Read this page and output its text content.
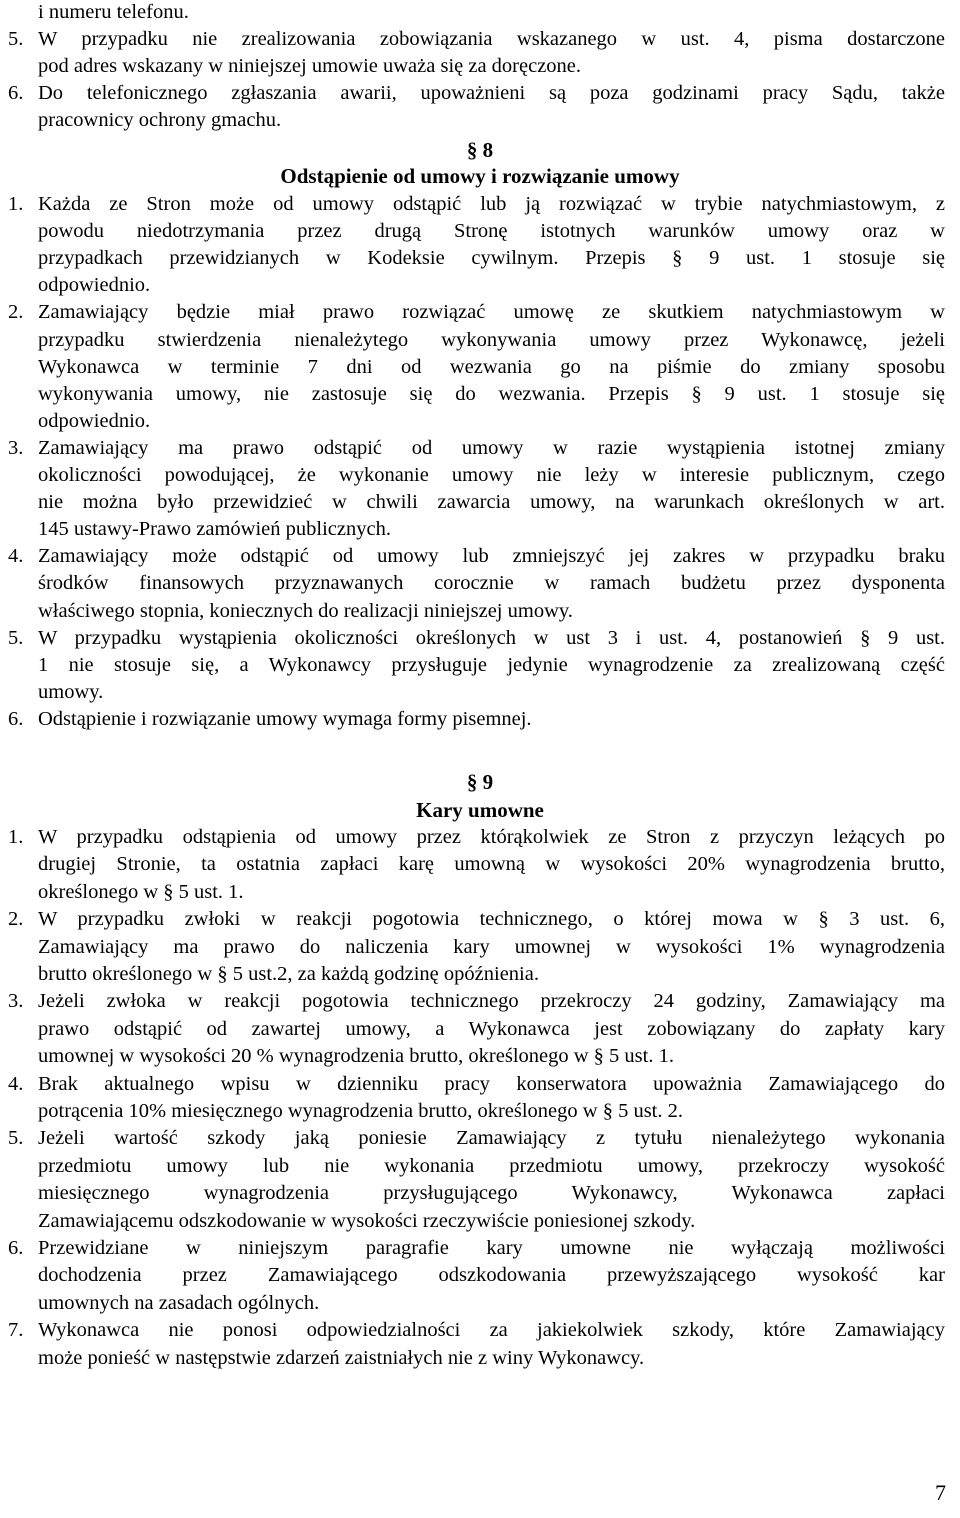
i numeru telefonu.
5. W przypadku nie zrealizowania zobowiązania wskazanego w ust. 4, pisma dostarczone
pod adres wskazany w niniejszej umowie uważa się za doręczone.
6. Do telefonicznego zgłaszania awarii, upoważnieni są poza godzinami pracy Sądu, także
pracownicy ochrony gmachu.
§ 8
Odstąpienie od umowy i rozwiązanie umowy
1. Każda ze Stron może od umowy odstąpić lub ją rozwiązać w trybie natychmiastowym, z
powodu niedotrzymania przez drugą Stronę istotnych warunków umowy oraz w
przypadkach przewidzianych w Kodeksie cywilnym. Przepis § 9 ust. 1 stosuje się
odpowiednio.
2. Zamawiający będzie miał prawo rozwiązać umowę ze skutkiem natychmiastowym w
przypadku stwierdzenia nienależytego wykonywania umowy przez Wykonawcę, jeżeli
Wykonawca w terminie 7 dni od wezwania go na piśmie do zmiany sposobu
wykonywania umowy, nie zastosuje się do wezwania. Przepis § 9 ust. 1 stosuje się
odpowiednio.
3. Zamawiający ma prawo odstąpić od umowy w razie wystąpienia istotnej zmiany
okoliczności powodującej, że wykonanie umowy nie leży w interesie publicznym, czego
nie można było przewidzieć w chwili zawarcia umowy, na warunkach określonych w art.
145 ustawy-Prawo zamówień publicznych.
4. Zamawiający może odstąpić od umowy lub zmniejszyć jej zakres w przypadku braku
środków finansowych przyznawanych corocznie w ramach budżetu przez dysponenta
właściwego stopnia, koniecznych do realizacji niniejszej umowy.
5. W przypadku wystąpienia okoliczności określonych w ust 3 i ust. 4, postanowień § 9 ust.
1 nie stosuje się, a Wykonawcy przysługuje jedynie wynagrodzenie za zrealizowaną część
umowy.
6. Odstąpienie i rozwiązanie umowy wymaga formy pisemnej.
§ 9
Kary umowne
1. W przypadku odstąpienia od umowy przez którąkolwiek ze Stron z przyczyn leżących po
drugiej Stronie, ta ostatnia zapłaci karę umowną w wysokości 20% wynagrodzenia brutto,
określonego w § 5 ust. 1.
2. W przypadku zwłoki w reakcji pogotowia technicznego, o której mowa w § 3 ust. 6,
Zamawiający ma prawo do naliczenia kary umownej w wysokości 1% wynagrodzenia
brutto określonego w § 5 ust.2, za każdą godzinę opóźnienia.
3. Jeżeli zwłoka w reakcji pogotowia technicznego przekroczy 24 godziny, Zamawiający ma
prawo odstąpić od zawartej umowy, a Wykonawca jest zobowiązany do zapłaty kary
umownej w wysokości 20 % wynagrodzenia brutto, określonego w § 5 ust. 1.
4. Brak aktualnego wpisu w dzienniku pracy konserwatora upoważnia Zamawiającego do
potrącenia 10% miesięcznego wynagrodzenia brutto, określonego w § 5 ust. 2.
5. Jeżeli wartość szkody jaką poniesie Zamawiający z tytułu nienależytego wykonania
przedmiotu umowy lub nie wykonania przedmiotu umowy, przekroczy wysokość
miesięcznego wynagrodzenia przysługującego Wykonawcy, Wykonawca zapłaci
Zamawiającemu odszkodowanie w wysokości rzeczywiście poniesionej szkody.
6. Przewidziane w niniejszym paragrafie kary umowne nie wyłączają możliwości
dochodzenia przez Zamawiającego odszkodowania przewyższającego wysokość kar
umownych na zasadach ogólnych.
7. Wykonawca nie ponosi odpowiedzialności za jakiekolwiek szkody, które Zamawiający
może ponieść w następstwie zdarzeń zaistniałych nie z winy Wykonawcy.
7
